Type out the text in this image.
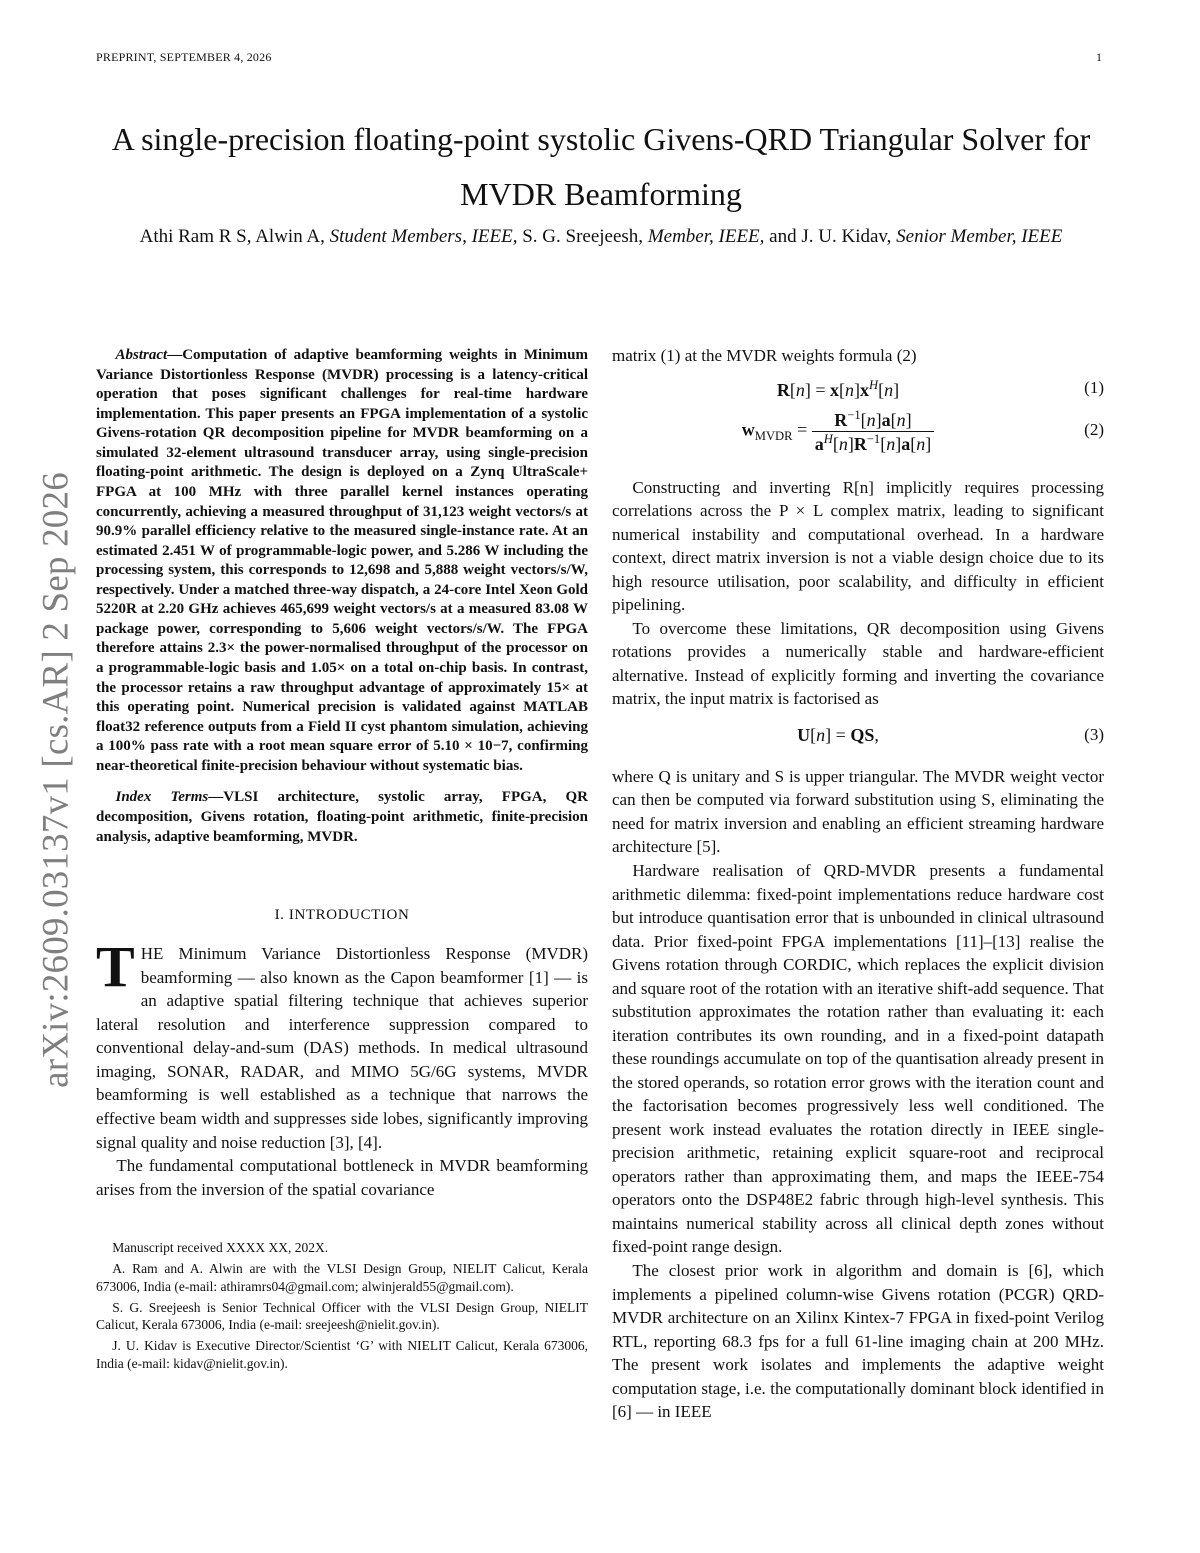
PREPRINT, SEPTEMBER 4, 2026	1
A single-precision floating-point systolic Givens-QRD Triangular Solver for MVDR Beamforming
Athi Ram R S, Alwin A, Student Members, IEEE, S. G. Sreejeesh, Member, IEEE, and J. U. Kidav, Senior Member, IEEE
arXiv:2609.03137v1 [cs.AR] 2 Sep 2026

Abstract—Computation of adaptive beamforming weights in Minimum Variance Distortionless Response (MVDR) processing is a latency-critical operation that poses significant challenges for real-time hardware implementation. This paper presents an FPGA implementation of a systolic Givens-rotation QR decomposition pipeline for MVDR beamforming on a simulated 32-element ultrasound transducer array, using single-precision floating-point arithmetic. The design is deployed on a Zynq UltraScale+ FPGA at 100 MHz with three parallel kernel instances operating concurrently, achieving a measured throughput of 31,123 weight vectors/s at 90.9% parallel efficiency relative to the measured single-instance rate. At an estimated 2.451 W of programmable-logic power, and 5.286 W including the processing system, this corresponds to 12,698 and 5,888 weight vectors/s/W, respectively. Under a matched three-way dispatch, a 24-core Intel Xeon Gold 5220R at 2.20 GHz achieves 465,699 weight vectors/s at a measured 83.08 W package power, corresponding to 5,606 weight vectors/s/W. The FPGA therefore attains 2.3× the power-normalised throughput of the processor on a programmable-logic basis and 1.05× on a total on-chip basis. In contrast, the processor retains a raw throughput advantage of approximately 15× at this operating point. Numerical precision is validated against MATLAB float32 reference outputs from a Field II cyst phantom simulation, achieving a 100% pass rate with a root mean square error of 5.10 × 10−7, confirming near-theoretical finite-precision behaviour without systematic bias.

Index Terms—VLSI architecture, systolic array, FPGA, QR decomposition, Givens rotation, floating-point arithmetic, finite-precision analysis, adaptive beamforming, MVDR.

I. INTRODUCTION

THE Minimum Variance Distortionless Response (MVDR) beamforming — also known as the Capon beamformer [1] — is an adaptive spatial filtering technique that achieves superior lateral resolution and interference suppression compared to conventional delay-and-sum (DAS) methods. In medical ultrasound imaging, SONAR, RADAR, and MIMO 5G/6G systems, MVDR beamforming is well established as a technique that narrows the effective beam width and suppresses side lobes, significantly improving signal quality and noise reduction [3], [4].

The fundamental computational bottleneck in MVDR beamforming arises from the inversion of the spatial covariance

Manuscript received XXXX XX, 202X.

A. Ram and A. Alwin are with the VLSI Design Group, NIELIT Calicut, Kerala 673006, India (e-mail: athiramrs04@gmail.com; alwinjerald55@gmail.com).

S. G. Sreejeesh is Senior Technical Officer with the VLSI Design Group, NIELIT Calicut, Kerala 673006, India (e-mail: sreejeesh@nielit.gov.in).

J. U. Kidav is Executive Director/Scientist ‘G’ with NIELIT Calicut, Kerala 673006, India (e-mail: kidav@nielit.gov.in).

matrix (1) at the MVDR weights formula (2)

$R[n] = x[n]x^H[n]$	(1)
$w_{MVDR} = \frac{R^{-1}[n]a[n]}{a^H[n]R^{-1}[n]a[n]}$	(2)

Constructing and inverting R[n] implicitly requires processing correlations across the P × L complex matrix, leading to significant numerical instability and computational overhead. In a hardware context, direct matrix inversion is not a viable design choice due to its high resource utilisation, poor scalability, and difficulty in efficient pipelining.

To overcome these limitations, QR decomposition using Givens rotations provides a numerically stable and hardware-efficient alternative. Instead of explicitly forming and inverting the covariance matrix, the input matrix is factorised as

U[n] = QS,	(3)

where Q is unitary and S is upper triangular. The MVDR weight vector can then be computed via forward substitution using S, eliminating the need for matrix inversion and enabling an efficient streaming hardware architecture [5].

Hardware realisation of QRD-MVDR presents a fundamental arithmetic dilemma: fixed-point implementations reduce hardware cost but introduce quantisation error that is unbounded in clinical ultrasound data. Prior fixed-point FPGA implementations [11]–[13] realise the Givens rotation through CORDIC, which replaces the explicit division and square root of the rotation with an iterative shift-add sequence. That substitution approximates the rotation rather than evaluating it: each iteration contributes its own rounding, and in a fixed-point datapath these roundings accumulate on top of the quantisation already present in the stored operands, so rotation error grows with the iteration count and the factorisation becomes progressively less well conditioned. The present work instead evaluates the rotation directly in IEEE single-precision arithmetic, retaining explicit square-root and reciprocal operators rather than approximating them, and maps the IEEE-754 operators onto the DSP48E2 fabric through high-level synthesis. This maintains numerical stability across all clinical depth zones without fixed-point range design.

The closest prior work in algorithm and domain is [6], which implements a pipelined column-wise Givens rotation (PCGR) QRD-MVDR architecture on an Xilinx Kintex-7 FPGA in fixed-point Verilog RTL, reporting 68.3 fps for a full 61-line imaging chain at 200 MHz. The present work isolates and implements the adaptive weight computation stage, i.e. the computationally dominant block identified in [6] — in IEEE
